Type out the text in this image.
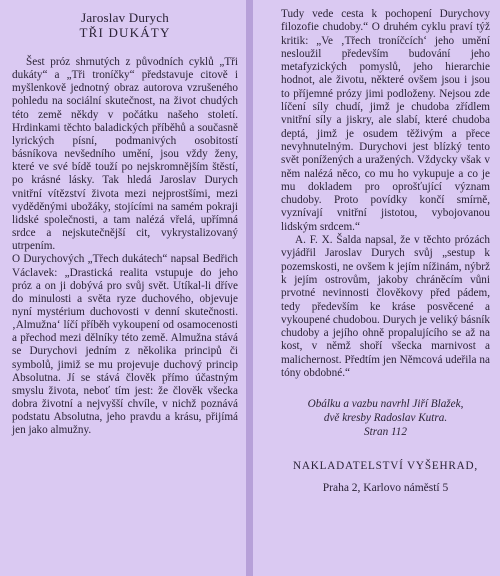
Jaroslav Durych
TŘI DUKÁTY

Šest próz shrnutých z původních cyklů „Tři dukáty“ a „Tři troníčky“ představuje citově i myšlenkově jednotný obraz autorova vzrušeného pohledu na sociální skutečnost, na život chudých této země někdy v počátku našeho století. Hrdinkami těchto baladických příběhů a současně lyrických písní, podmanivých osobitostí básníkova nevšedního umění, jsou vždy ženy, které ve své bídě touží po nejskromnějším štěstí, po krásné lásky. Tak hledá Jaroslav Durych vnitřní vítězství života mezi nejprostšími, mezi vyděděnými ubožáky, stojícími na samém pokraji lidské společnosti, a tam nalézá vřelá, upřímná srdce a nejskutečnější cit, vykrystalizovaný utrpením.

O Durychových „Třech dukátech“ napsal Bedřich Václavek: „Drastická realita vstupuje do jeho próz a on ji dobývá pro svůj svět. Utíkal-li dříve do minulosti a světa ryze duchového, objevuje nyní mystérium duchovosti v denní skutečnosti. ‚Almužna‘ líčí příběh vykoupení od osamocenosti a přechod mezi dělníky této země. Almužna stává se Durychovi jedním z několika principů či symbolů, jimiž se mu projevuje duchový princip Absolutna. Jí se stává člověk přímo účastným smyslu života, neboť tím jest: že člověk všecka dobra životní a nejvyšší chvíle, v nichž poznává podstatu Absolutna, jeho pravdu a krásu, přijímá jen jako almužny.

Tudy vede cesta k pochopení Durychovy filozofie chudoby.“ O druhém cyklu praví týž kritik: „Ve ‚Třech troníčcích‘ jeho umění nesloužil především budování jeho metafyzických pomyslů, jeho hierarchie hodnot, ale životu, některé ovšem jsou i jsou to příjemné prózy jimi podloženy. Nejsou zde líčení síly chudí, jimž je chudoba zřídlem vnitřní síly a jiskry, ale slabí, které chudoba deptá, jimž je osudem těživým a přece nevyhnutelným. Durychovi jest blízký tento svět ponížených a uražených. Vždycky však v něm nalézá něco, co mu ho vykupuje a co je mu dokladem pro oprošťující význam chudoby. Proto povídky končí smírně, vyznívají vnitřní jistotou, vybojovanou lidským srdcem.“

A. F. X. Šalda napsal, že v těchto prózách vyjádřil Jaroslav Durych svůj „sestup k pozemskosti, ne ovšem k jejím nížinám, nýbrž k jejím ostrovům, jakoby chráněcím vůni prvotné nevinnosti člověkovy před pádem, tedy především ke kráse posvěcené a vykoupené chudobou. Durych je veliký básník chudoby a jejího ohně propalujícího se až na kost, v němž shoří všecka marnivost a malichernost. Předtím jen Němcová udeřila na tóny obdobné.“

Obálku a vazbu navrhl Jiří Blažek,
dvě kresby Radoslav Kutra.
Stran 112
NAKLADATELSTVÍ VYŠEHRAD,
Praha 2, Karlovo náměstí 5
